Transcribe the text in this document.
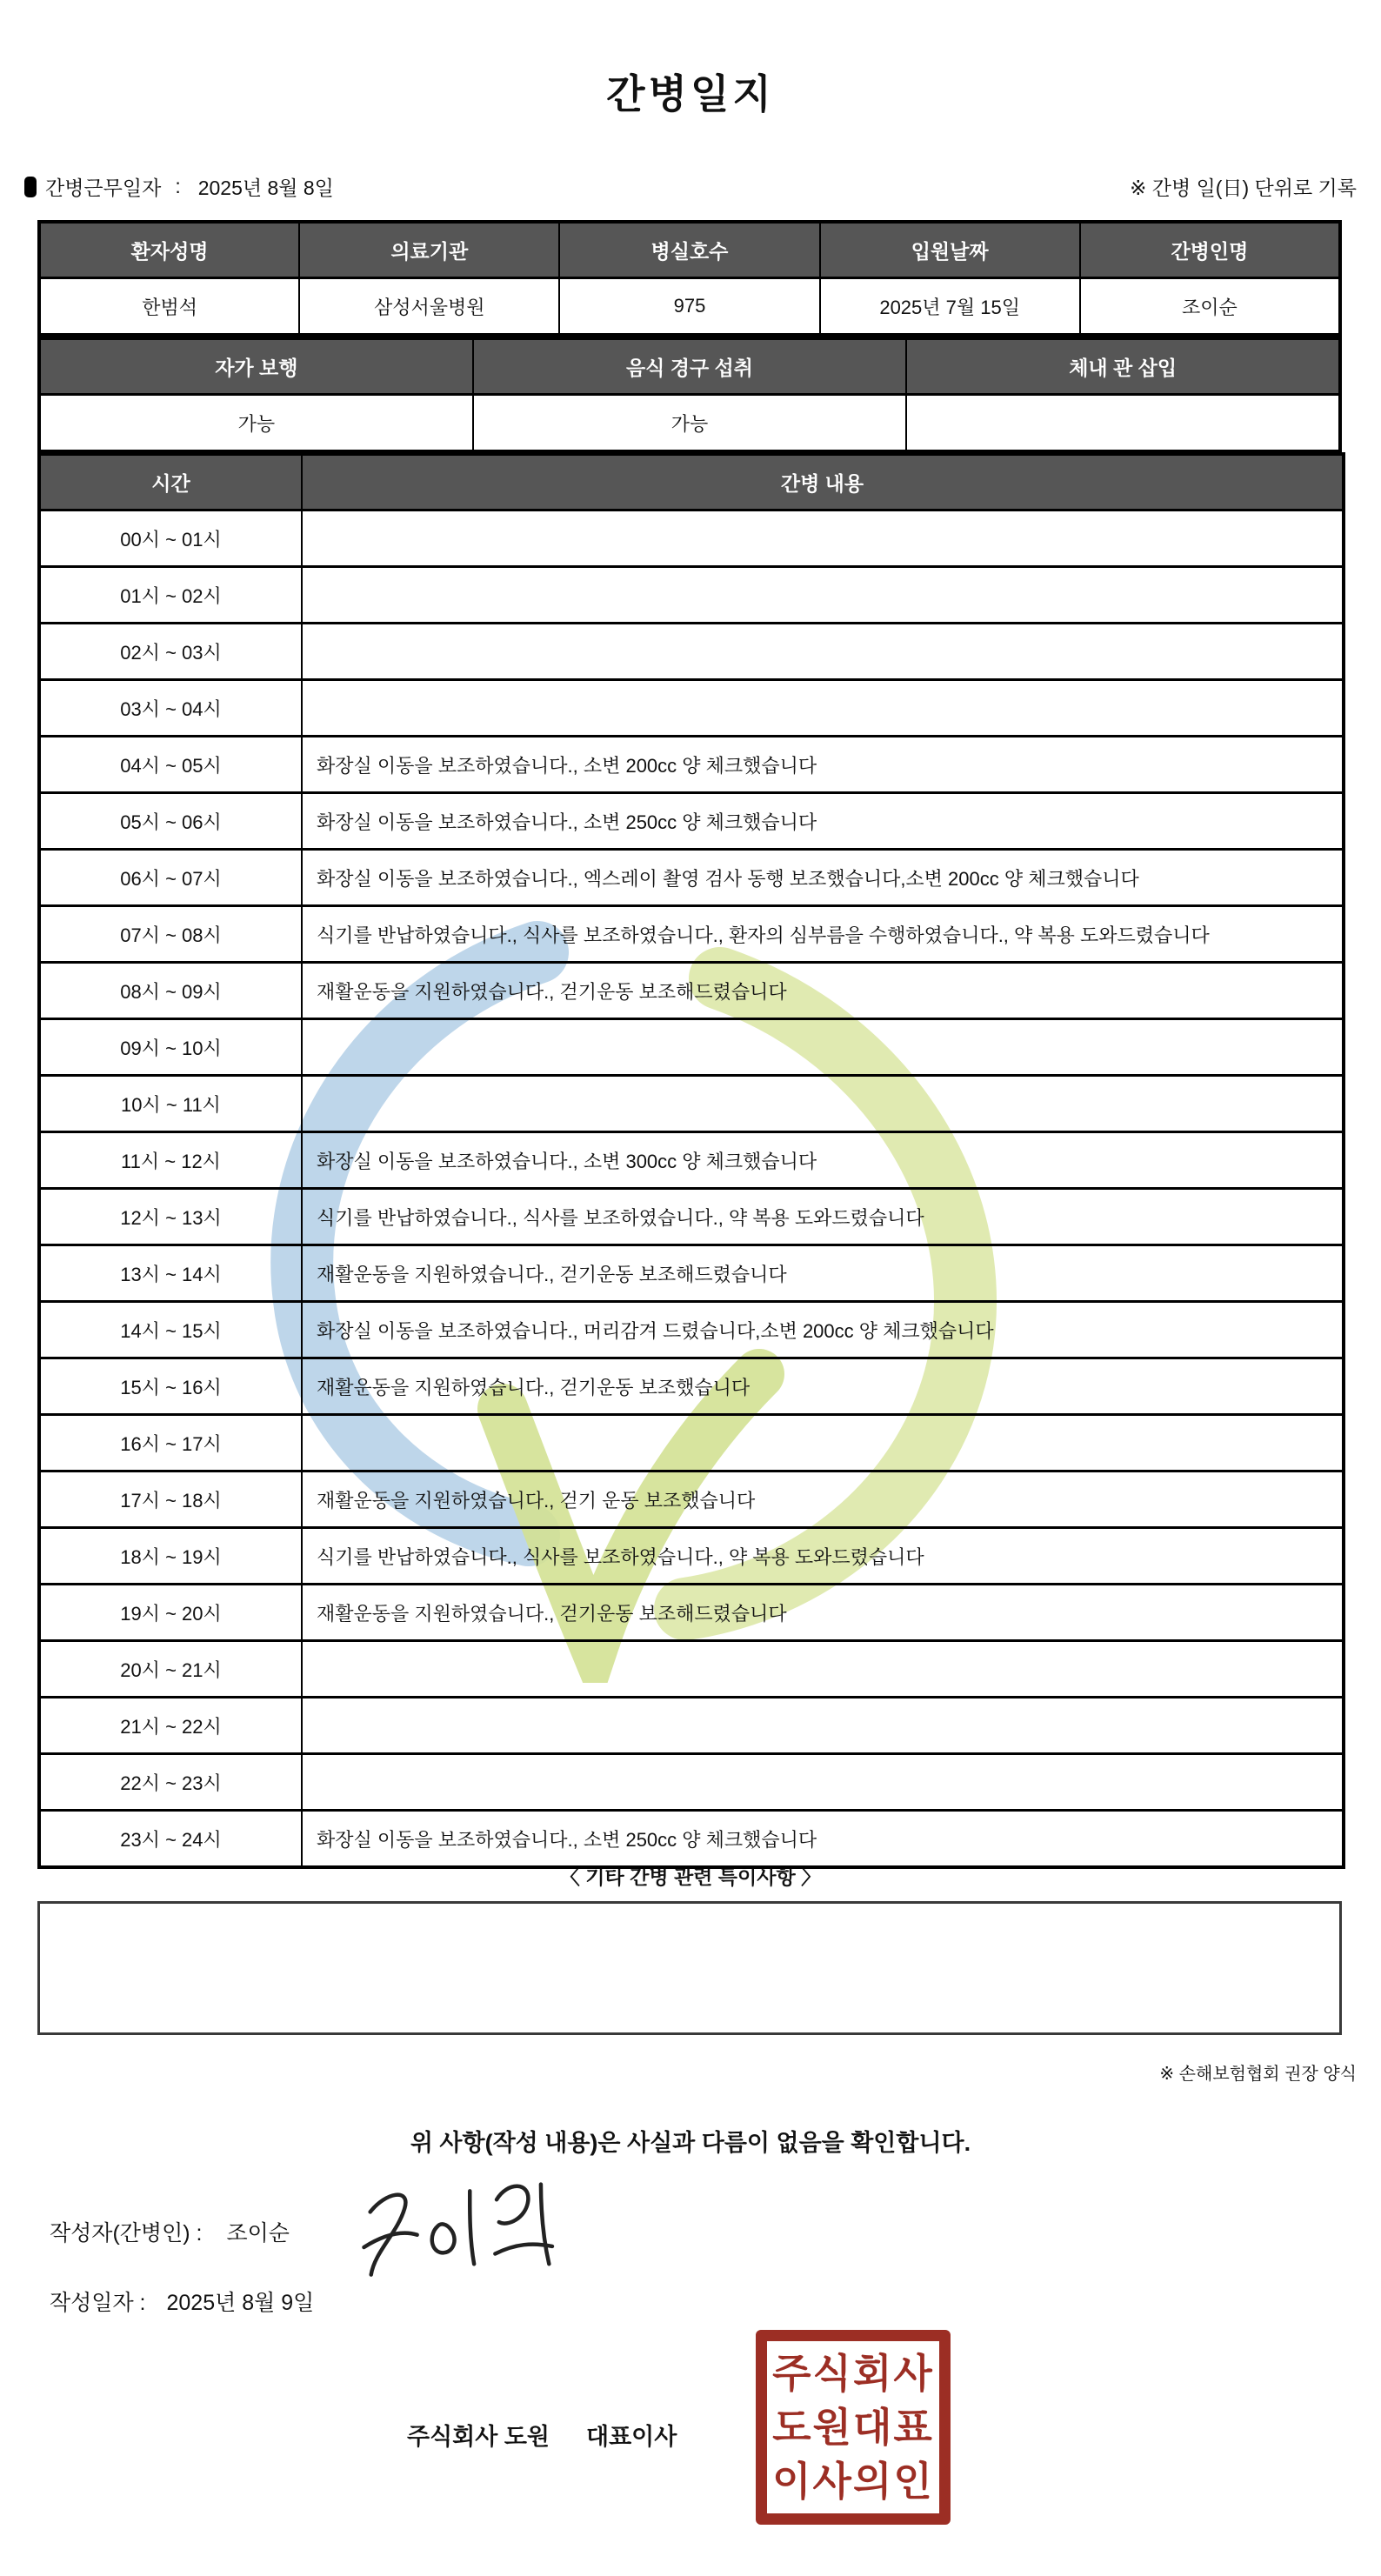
간병일지
간병근무일자 : 2025년 8월 8일	※ 간병 일(日) 단위로 기록
환자성명	의료기관	병실호수	입원날짜	간병인명
한범석	삼성서울병원	975	2025년 7월 15일	조이순
자가 보행	음식 경구 섭취	체내 관 삽입
가능	가능	
시간	간병 내용
00시 ~ 01시	
01시 ~ 02시	
02시 ~ 03시	
03시 ~ 04시	
04시 ~ 05시	화장실 이동을 보조하였습니다., 소변 200cc 양 체크했습니다
05시 ~ 06시	화장실 이동을 보조하였습니다., 소변 250cc 양 체크했습니다
06시 ~ 07시	화장실 이동을 보조하였습니다., 엑스레이 촬영 검사 동행 보조했습니다,소변 200cc 양 체크했습니다
07시 ~ 08시	식기를 반납하였습니다., 식사를 보조하였습니다., 환자의 심부름을 수행하였습니다., 약 복용 도와드렸습니다
08시 ~ 09시	재활운동을 지원하였습니다., 걷기운동 보조해드렸습니다
09시 ~ 10시	
10시 ~ 11시	
11시 ~ 12시	화장실 이동을 보조하였습니다., 소변 300cc 양 체크했습니다
12시 ~ 13시	식기를 반납하였습니다., 식사를 보조하였습니다., 약 복용 도와드렸습니다
13시 ~ 14시	재활운동을 지원하였습니다., 걷기운동 보조해드렸습니다
14시 ~ 15시	화장실 이동을 보조하였습니다., 머리감겨 드렸습니다,소변 200cc 양 체크했습니다
15시 ~ 16시	재활운동을 지원하였습니다., 걷기운동 보조했습니다
16시 ~ 17시	
17시 ~ 18시	재활운동을 지원하였습니다., 걷기 운동 보조했습니다
18시 ~ 19시	식기를 반납하였습니다., 식사를 보조하였습니다., 약 복용 도와드렸습니다
19시 ~ 20시	재활운동을 지원하였습니다., 걷기운동 보조해드렸습니다
20시 ~ 21시	
21시 ~ 22시	
22시 ~ 23시	
23시 ~ 24시	화장실 이동을 보조하였습니다., 소변 250cc 양 체크했습니다
〈 기타 간병 관련 특이사항 〉
※ 손해보험협회 권장 양식
위 사항(작성 내용)은 사실과 다름이 없음을 확인합니다.
작성자(간병인) : 조이순
작성일자 : 2025년 8월 9일
주식회사 도원 대표이사
주식회사
도원대표
이사의인
